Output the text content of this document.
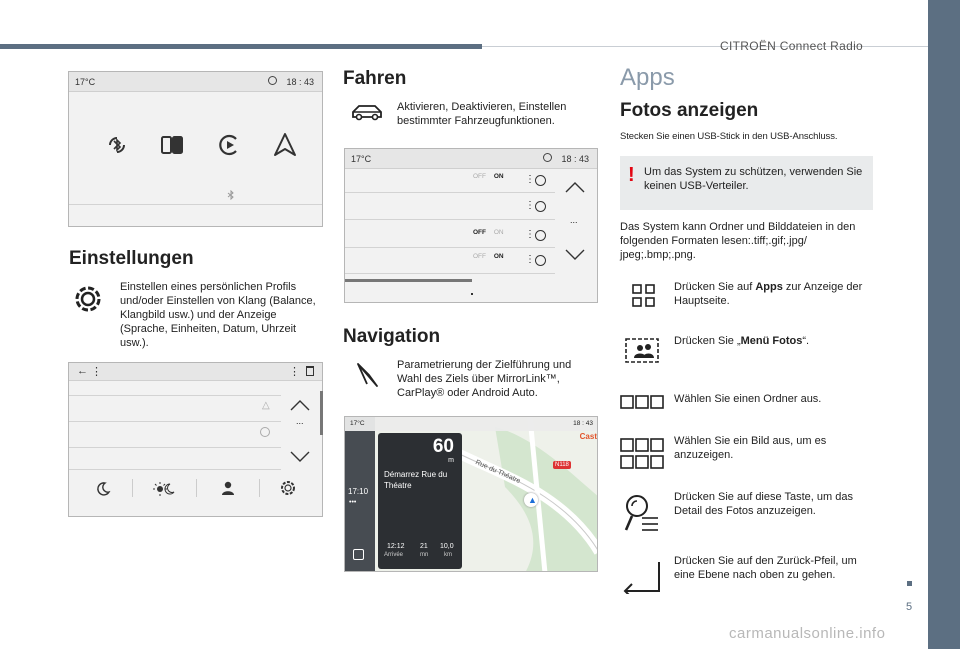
CITROËN Connect Radio
5
carmanualsonline.info
17°C	18 : 43
Einstellungen
Einstellen eines persönlichen Profils und/oder Einstellen von Klang (Balance, Klangbild usw.) und der Anzeige (Sprache, Einheiten, Datum, Uhrzeit usw.).
← ⋮	⋮
△
...
Fahren
Aktivieren, Deaktivieren, Einstellen bestimmter Fahrzeugfunktionen.
17°C	18 : 43
OFF ON
OFF ON
OFF ON
⋮
⋮
⋮
⋮
...
Navigation
Parametrierung der Zielführung und Wahl des Ziels über MirrorLink™, CarPlay® oder Android Auto.
17°C	18 : 43
60
m
Démarrez Rue du Théatre
12:12
Arrivée
21
mn
10,0
km
17:10
•••
Rue du Théatre	N118
Cast
▲
Apps
Fotos anzeigen
Stecken Sie einen USB-Stick in den USB-Anschluss.
! Um das System zu schützen, verwenden Sie keinen USB-Verteiler.
Das System kann Ordner und Bilddateien in den folgenden Formaten lesen:.tiff;.gif;.jpg/ jpeg;.bmp;.png.
Drücken Sie auf Apps zur Anzeige der Hauptseite.
Drücken Sie „Menü Fotos“.
Wählen Sie einen Ordner aus.
Wählen Sie ein Bild aus, um es anzuzeigen.
Drücken Sie auf diese Taste, um das Detail des Fotos anzuzeigen.
Drücken Sie auf den Zurück-Pfeil, um eine Ebene nach oben zu gehen.
